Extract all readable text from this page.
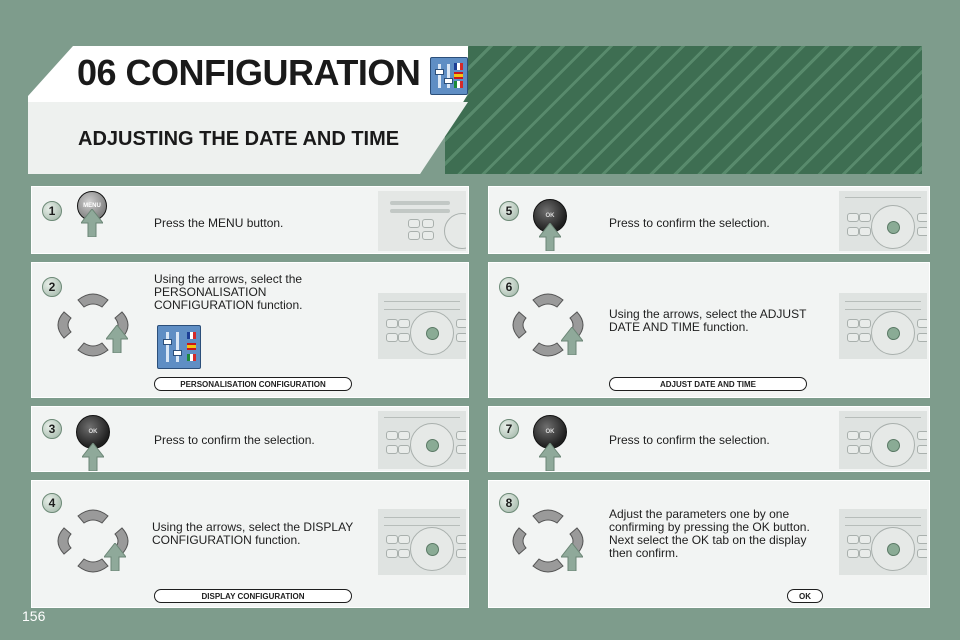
06 CONFIGURATION
ADJUSTING THE DATE AND TIME
1	MENU
Press the MENU button.
2
Using the arrows, select the PERSONALISATION CONFIGURATION function.
PERSONALISATION CONFIGURATION
3	OK
Press to confirm the selection.
4
Using the arrows, select the DISPLAY CONFIGURATION function.
DISPLAY CONFIGURATION
5	OK	Press to confirm the selection.
6
Using the arrows, select the ADJUST DATE AND TIME function.
ADJUST DATE AND TIME
7	OK
Press to confirm the selection.
8
Adjust the parameters one by one confirming by pressing the OK button. Next select the OK tab on the display then confirm.
OK
156
